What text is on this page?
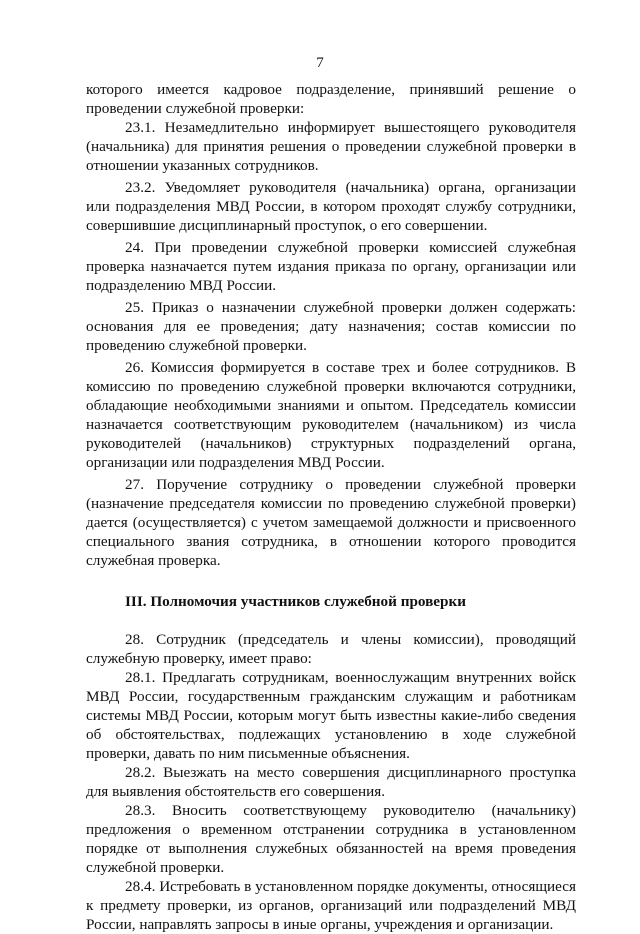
7

которого имеется кадровое подразделение, принявший решение о проведении служебной проверки:

23.1. Незамедлительно информирует вышестоящего руководителя (начальника) для принятия решения о проведении служебной проверки в отношении указанных сотрудников.

23.2. Уведомляет руководителя (начальника) органа, организации или подразделения МВД России, в котором проходят службу сотрудники, совершившие дисциплинарный проступок, о его совершении.

24. При проведении служебной проверки комиссией служебная проверка назначается путем издания приказа по органу, организации или подразделению МВД России.

25. Приказ о назначении служебной проверки должен содержать: основания для ее проведения; дату назначения; состав комиссии по проведению служебной проверки.

26. Комиссия формируется в составе трех и более сотрудников. В комиссию по проведению служебной проверки включаются сотрудники, обладающие необходимыми знаниями и опытом. Председатель комиссии назначается соответствующим руководителем (начальником) из числа руководителей (начальников) структурных подразделений органа, организации или подразделения МВД России.

27. Поручение сотруднику о проведении служебной проверки (назначение председателя комиссии по проведению служебной проверки) дается (осуществляется) с учетом замещаемой должности и присвоенного специального звания сотрудника, в отношении которого проводится служебная проверка.

III. Полномочия участников служебной проверки

28. Сотрудник (председатель и члены комиссии), проводящий служебную проверку, имеет право:

28.1. Предлагать сотрудникам, военнослужащим внутренних войск МВД России, государственным гражданским служащим и работникам системы МВД России, которым могут быть известны какие-либо сведения об обстоятельствах, подлежащих установлению в ходе служебной проверки, давать по ним письменные объяснения.

28.2. Выезжать на место совершения дисциплинарного проступка для выявления обстоятельств его совершения.

28.3. Вносить соответствующему руководителю (начальнику) предложения о временном отстранении сотрудника в установленном порядке от выполнения служебных обязанностей на время проведения служебной проверки.

28.4. Истребовать в установленном порядке документы, относящиеся к предмету проверки, из органов, организаций или подразделений МВД России, направлять запросы в иные органы, учреждения и организации.
